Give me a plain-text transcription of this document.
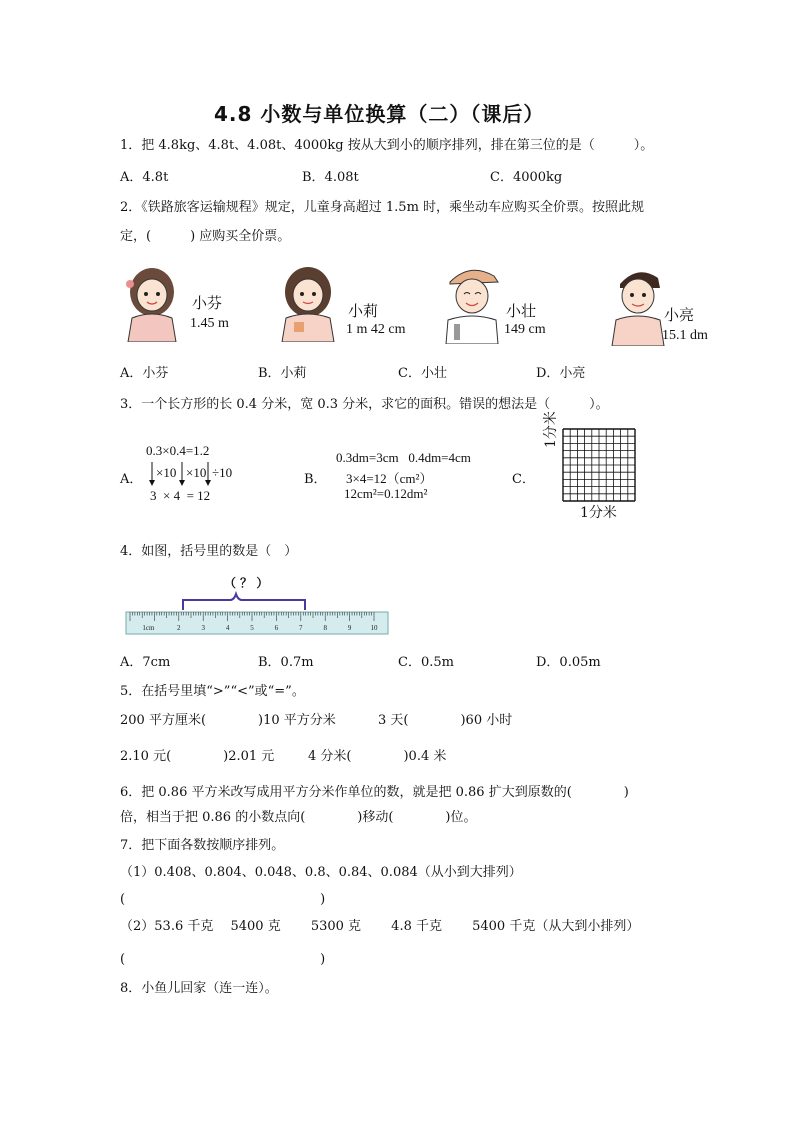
4.8 小数与单位换算（二）（课后）
1．把 4.8kg、4.8t、4.08t、4000kg 按从大到小的顺序排列，排在第三位的是（　　　）。
A．4.8t	B．4.08t	C．4000kg
2．《铁路旅客运输规程》规定，儿童身高超过 1.5m 时，乘坐动车应购买全价票。按照此规
定，(　　　) 应购买全价票。
小芬
1.45 m
小莉
1 m 42 cm
小壮
149 cm
小亮
15.1 dm
A．小芬	B．小莉	C．小壮	D．小亮
3．一个长方形的长 0.4 分米，宽 0.3 分米，求它的面积。错误的想法是（　　　）。
A．
0.3×0.4=1.2
×10 ×10 ÷10
3  × 4  = 12
B．
0.3dm=3cm   0.4dm=4cm
3×4=12（cm²）
12cm²=0.12dm²
C．
1分米
1分米
4．如图，括号里的数是（　）
（ ？ ）
1cm	2	3	4	5	6	7	8	9	10
A．7cm	B．0.7m	C．0.5m	D．0.05m
5．在括号里填“>”“<”或“=”。
200 平方厘米(　　　　)10 平方分米	3 天(　　　　)60 小时
2.10 元(　　　　)2.01 元	4 分米(　　　　)0.4 米
6．把 0.86 平方米改写成用平方分米作单位的数，就是把 0.86 扩大到原数的(　　　　)
倍，相当于把 0.86 的小数点向(　　　　)移动(　　　　)位。
7．把下面各数按顺序排列。
（1）0.408、0.804、0.048、0.8、0.84、0.084（从小到大排列）
(　　　　　　　　　　　　　　　)
（2）53.6 千克　 5400 克　　 5300 克　　 4.8 千克　　 5400 千克（从大到小排列）
(　　　　　　　　　　　　　　　)
8．小鱼儿回家（连一连）。
